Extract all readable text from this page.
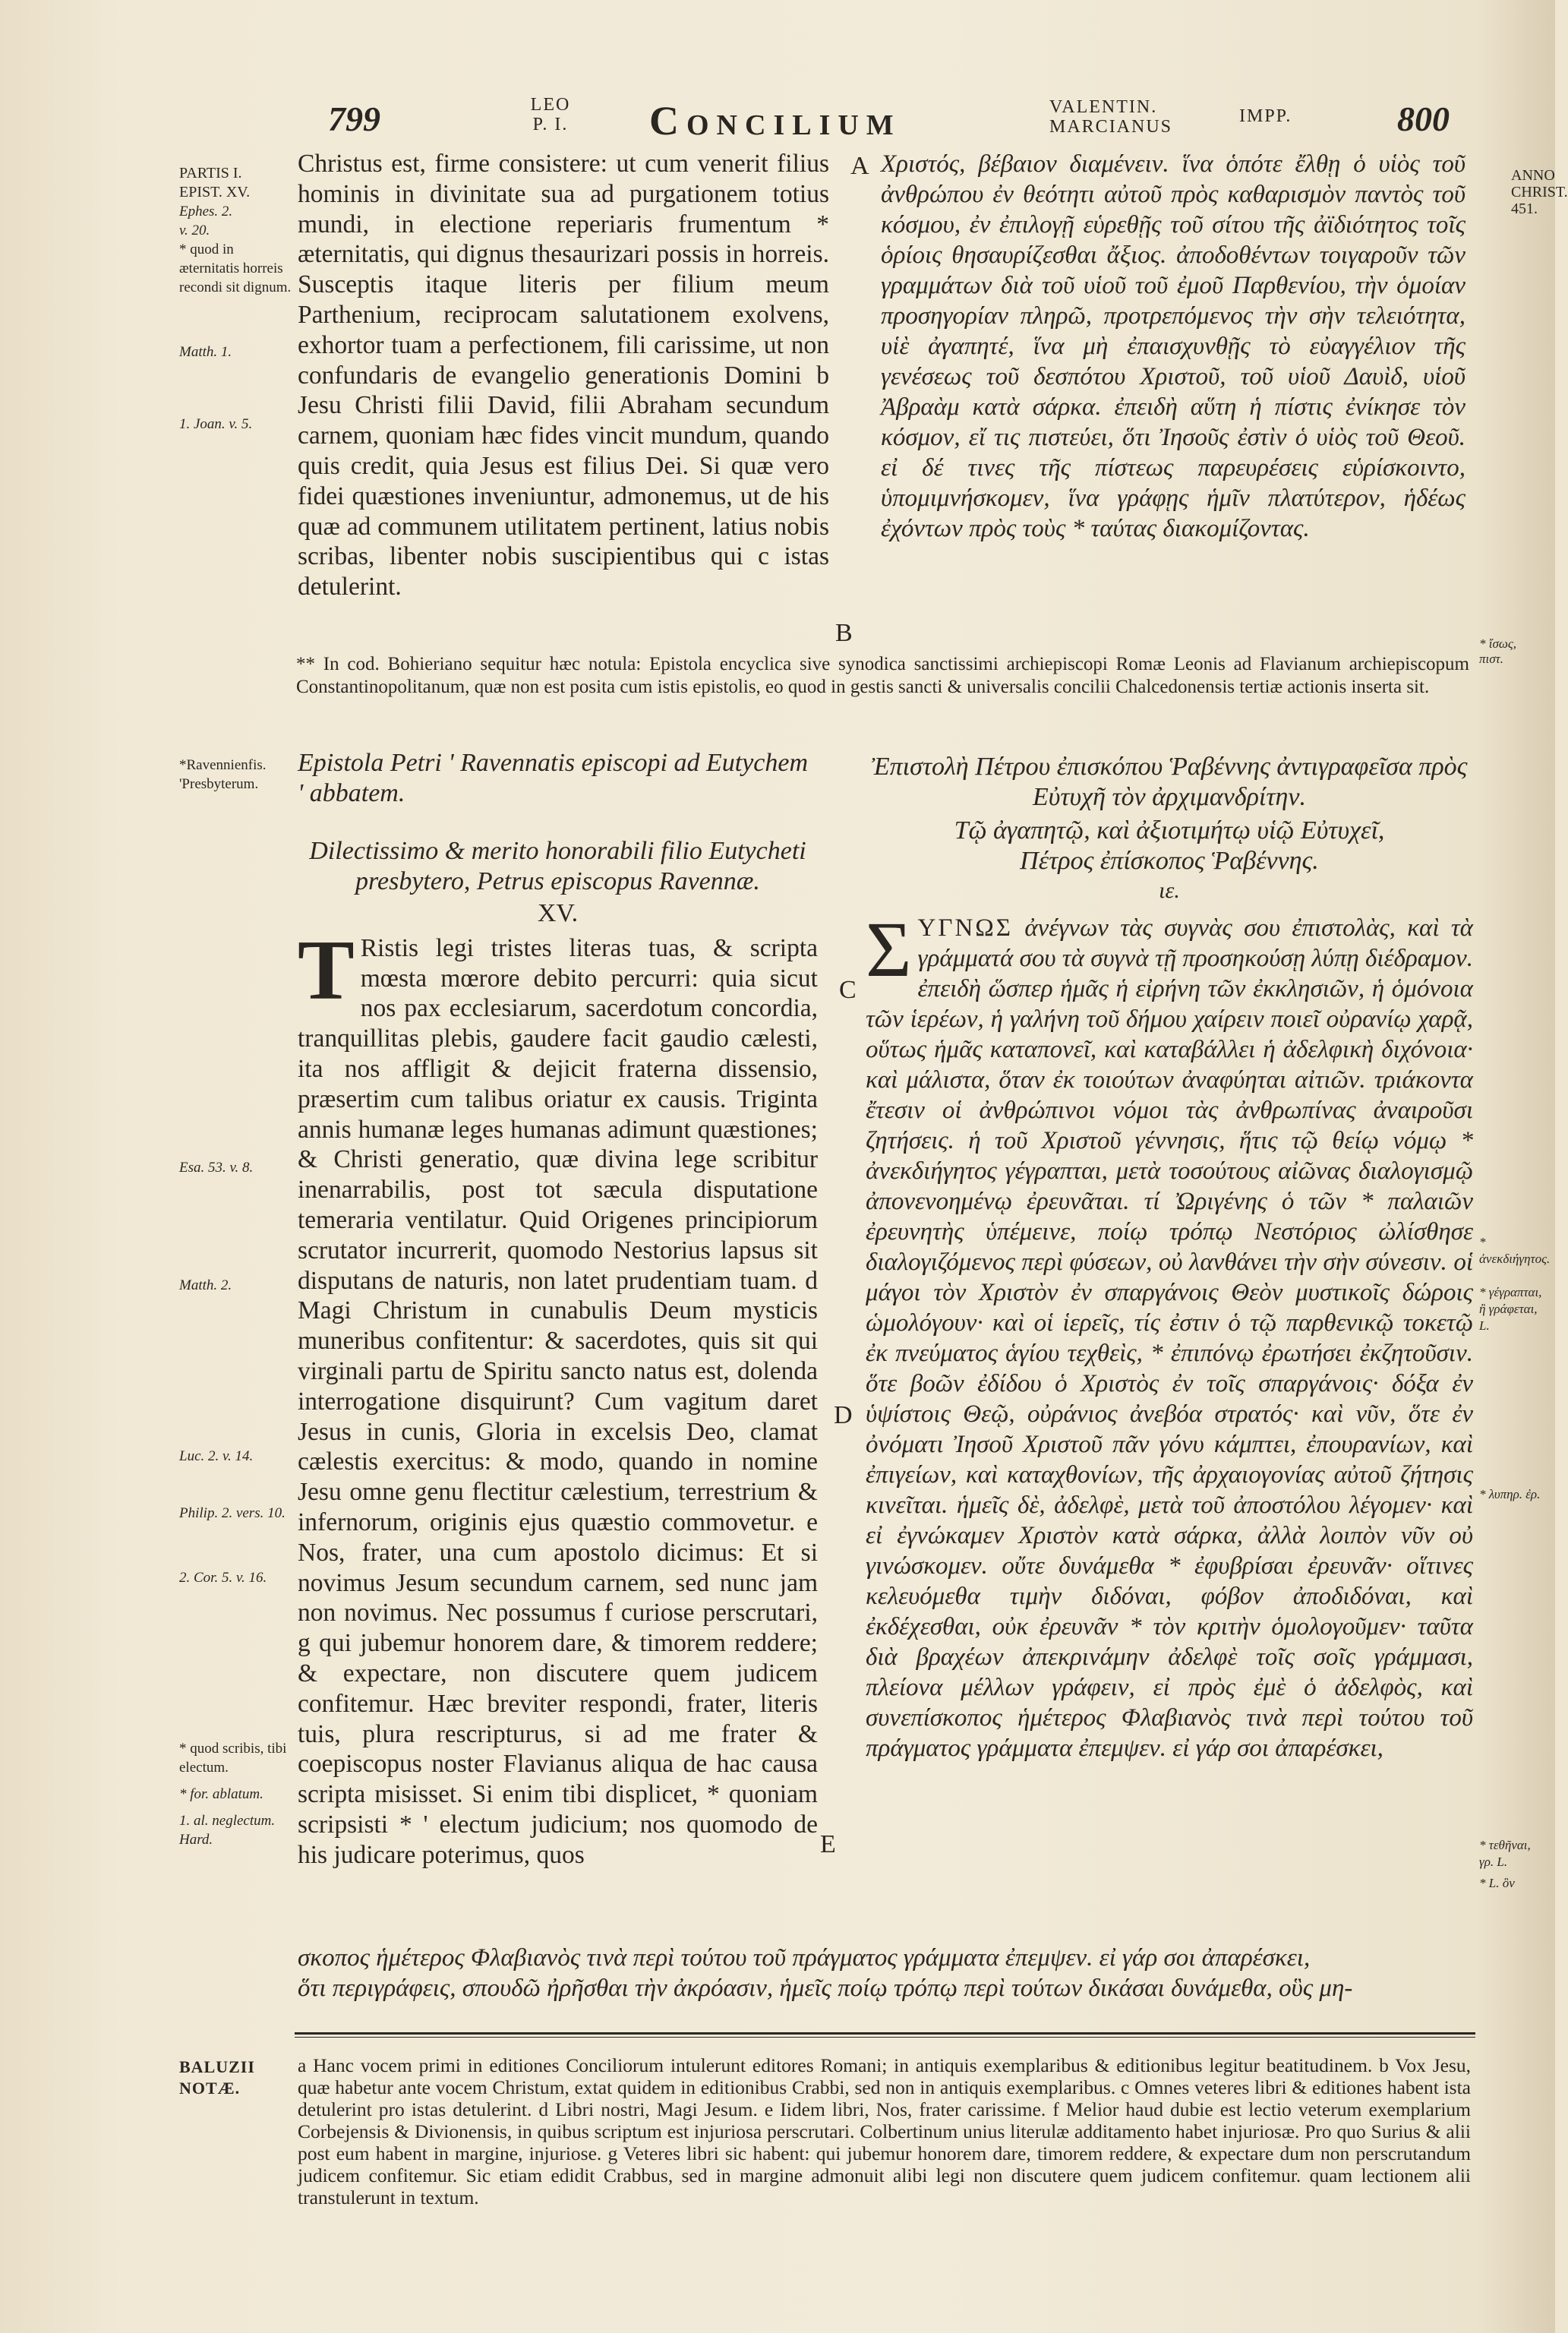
799	LEO
P. I.	Concilium	VALENTIN.
MARCIANUS
IMPP.	800
ANNO
CHRIST.
451.
PARTIS I.
EPIST. XV.
Ephes. 2.
v. 20.
* quod in æternitatis horreis recondi sit dignum.
Matth. 1.
1. Joan. v. 5.
A
B
C
D
E

Christus est, firme consistere: ut cum venerit filius hominis in divinitate sua ad purgationem totius mundi, in electione reperiaris frumentum * æternitatis, qui dignus thesaurizari possis in horreis. Susceptis itaque literis per filium meum Parthenium, reciprocam salutationem exolvens, exhortor tuam a perfectionem, fili carissime, ut non confundaris de evangelio generationis Domini b Jesu Christi filii David, filii Abraham secundum carnem, quoniam hæc fides vincit mundum, quando quis credit, quia Jesus est filius Dei. Si quæ vero fidei quæstiones inveniuntur, admonemus, ut de his quæ ad communem utilitatem pertinent, latius nobis scribas, libenter nobis suscipientibus qui c istas detulerint.

Χριστός, βέβαιον διαμένειν. ἵνα ὁπότε ἔλθῃ ὁ υἱὸς τοῦ ἀνθρώπου ἐν θεότητι αὐτοῦ πρὸς καθαρισμὸν παντὸς τοῦ κόσμου, ἐν ἐπιλογῇ εὑρεθῇς τοῦ σίτου τῆς ἀϊδιότητος τοῖς ὁρίοις θησαυρίζεσθαι ἄξιος. ἀποδοθέντων τοιγαροῦν τῶν γραμμάτων διὰ τοῦ υἱοῦ τοῦ ἐμοῦ Παρθενίου, τὴν ὁμοίαν προσηγορίαν πληρῶ, προτρεπόμενος τὴν σὴν τελειότητα, υἱὲ ἀγαπητέ, ἵνα μὴ ἐπαισχυνθῇς τὸ εὐαγγέλιον τῆς γενέσεως τοῦ δεσπότου Χριστοῦ, τοῦ υἱοῦ Δαυὶδ, υἱοῦ Ἀβραὰμ κατὰ σάρκα. ἐπειδὴ αὕτη ἡ πίστις ἐνίκησε τὸν κόσμον, εἴ τις πιστεύει, ὅτι Ἰησοῦς ἐστὶν ὁ υἱὸς τοῦ Θεοῦ. εἰ δέ τινες τῆς πίστεως παρευρέσεις εὑρίσκοιντο, ὑπομιμνήσκομεν, ἵνα γράφῃς ἡμῖν πλατύτερον, ἡδέως ἐχόντων πρὸς τοὺς * ταύτας διακομίζοντας.

* ἴσως, πιστ.
** In cod. Bohieriano sequitur hæc notula: Epistola encyclica sive synodica sanctissimi archiepiscopi Romæ Leonis ad Flavianum archiepiscopum Constantinopolitanum, quæ non est posita cum istis epistolis, eo quod in gestis sancti & universalis concilii Chalcedonensis tertiæ actionis inserta sit.
*Ravennienfis.
'Presbyterum.
Esa. 53. v. 8.
Matth. 2.
Luc. 2. v. 14.
Philip. 2. vers. 10.
2. Cor. 5. v. 16.
* quod scribis, tibi electum.
* for. ablatum.
1. al. neglectum. Hard.
Epistola Petri ' Ravennatis episcopi ad Eutychem ' abbatem.
Dilectissimo & merito honorabili filio Eutycheti presbytero, Petrus episcopus Ravennæ.
XV.

T Ristis legi tristes literas tuas, & scripta mœsta mœrore debito percurri: quia sicut nos pax ecclesiarum, sacerdotum concordia, tranquillitas plebis, gaudere facit gaudio cælesti, ita nos affligit & dejicit fraterna dissensio, præsertim cum talibus oriatur ex causis. Triginta annis humanæ leges humanas adimunt quæstiones; & Christi generatio, quæ divina lege scribitur inenarrabilis, post tot sæcula disputatione temeraria ventilatur. Quid Origenes principiorum scrutator incurrerit, quomodo Nestorius lapsus sit disputans de naturis, non latet prudentiam tuam. d Magi Christum in cunabulis Deum mysticis muneribus confitentur: & sacerdotes, quis sit qui virginali partu de Spiritu sancto natus est, dolenda interrogatione disquirunt? Cum vagitum daret Jesus in cunis, Gloria in excelsis Deo, clamat cælestis exercitus: & modo, quando in nomine Jesu omne genu flectitur cælestium, terrestrium & infernorum, originis ejus quæstio commovetur. e Nos, frater, una cum apostolo dicimus: Et si novimus Jesum secundum carnem, sed nunc jam non novimus. Nec possumus f curiose perscrutari, g qui jubemur honorem dare, & timorem reddere; & expectare, non discutere quem judicem confitemur. Hæc breviter respondi, frater, literis tuis, plura rescripturus, si ad me frater & coepiscopus noster Flavianus aliqua de hac causa scripta misisset. Si enim tibi displicet, * quoniam scripsisti * ' electum judicium; nos quomodo de his judicare poterimus, quos

Ἐπιστολὴ Πέτρου ἐπισκόπου Ῥαβέννης ἀντιγραφεῖσα πρὸς Εὐτυχῆ τὸν ἀρχιμανδρίτην.
Τῷ ἀγαπητῷ, καὶ ἀξιοτιμήτῳ υἱῷ Εὐτυχεῖ,
Πέτρος ἐπίσκοπος Ῥαβέννης.
ιε.

ΣΥΓΝΩΣ ἀνέγνων τὰς συγνὰς σου ἐπιστολὰς, καὶ τὰ γράμματά σου τὰ συγνὰ τῇ προσηκούσῃ λύπῃ διέδραμον. ἐπειδὴ ὥσπερ ἡμᾶς ἡ εἰρήνη τῶν ἐκκλησιῶν, ἡ ὁμόνοια τῶν ἱερέων, ἡ γαλήνη τοῦ δήμου χαίρειν ποιεῖ οὐρανίῳ χαρᾷ, οὕτως ἡμᾶς καταπονεῖ, καὶ καταβάλλει ἡ ἀδελφικὴ διχόνοια· καὶ μάλιστα, ὅταν ἐκ τοιούτων ἀναφύηται αἰτιῶν. τριάκοντα ἔτεσιν οἱ ἀνθρώπινοι νόμοι τὰς ἀνθρωπίνας ἀναιροῦσι ζητήσεις. ἡ τοῦ Χριστοῦ γέννησις, ἥτις τῷ θείῳ νόμῳ * ἀνεκδιήγητος γέγραπται, μετὰ τοσούτους αἰῶνας διαλογισμῷ ἀπονενοημένῳ ἐρευνᾶται. τί Ὠριγένης ὁ τῶν * παλαιῶν ἐρευνητὴς ὑπέμεινε, ποίῳ τρόπῳ Νεστόριος ὠλίσθησε διαλογιζόμενος περὶ φύσεων, οὐ λανθάνει τὴν σὴν σύνεσιν. οἱ μάγοι τὸν Χριστὸν ἐν σπαργάνοις Θεὸν μυστικοῖς δώροις ὡμολόγουν· καὶ οἱ ἱερεῖς, τίς ἐστιν ὁ τῷ παρθενικῷ τοκετῷ ἐκ πνεύματος ἁγίου τεχθεὶς, * ἐπιπόνῳ ἐρωτήσει ἐκζητοῦσιν. ὅτε βοῶν ἐδίδου ὁ Χριστὸς ἐν τοῖς σπαργάνοις· δόξα ἐν ὑψίστοις Θεῷ, οὐράνιος ἀνεβόα στρατός· καὶ νῦν, ὅτε ἐν ὀνόματι Ἰησοῦ Χριστοῦ πᾶν γόνυ κάμπτει, ἐπουρανίων, καὶ ἐπιγείων, καὶ καταχθονίων, τῆς ἀρχαιογονίας αὐτοῦ ζήτησις κινεῖται. ἡμεῖς δὲ, ἀδελφὲ, μετὰ τοῦ ἀποστόλου λέγομεν· καὶ εἰ ἐγνώκαμεν Χριστὸν κατὰ σάρκα, ἀλλὰ λοιπὸν νῦν οὐ γινώσκομεν. οὔτε δυνάμεθα * ἐφυβρίσαι ἐρευνᾶν· οἵτινες κελευόμεθα τιμὴν διδόναι, φόβον ἀποδιδόναι, καὶ ἐκδέχεσθαι, οὐκ ἐρευνᾶν * τὸν κριτὴν ὁμολογοῦμεν· ταῦτα διὰ βραχέων ἀπεκρινάμην ἀδελφὲ τοῖς σοῖς γράμμασι, πλείονα μέλλων γράφειν, εἰ πρὸς ἐμὲ ὁ ἀδελφὸς, καὶ συνεπίσκοπος ἡμέτερος Φλαβιανὸς τινὰ περὶ τούτου τοῦ πράγματος γράμματα ἐπεμψεν. εἰ γάρ σοι ἀπαρέσκει,

* ἀνεκδιήγητος.
* γέγραπται, ἢ γράφεται, L.
* λυπηρ. ἐρ.
* τεθῆναι, γρ. L.
* L. ὃν
σκοπος ἡμέτερος Φλαβιανὸς τινὰ περὶ τούτου τοῦ πράγματος γράμματα ἐπεμψεν. εἰ γάρ σοι ἀπαρέσκει,
ὅτι περιγράφεις, σπουδῶ ἠρῆσθαι τὴν ἀκρόασιν, ἡμεῖς ποίῳ τρόπῳ περὶ τούτων δικάσαι δυνάμεθα, οὓς μη-
BALUZII
NOTÆ.
a Hanc vocem primi in editiones Conciliorum intulerunt editores Romani; in antiquis exemplaribus & editionibus legitur beatitudinem. b Vox Jesu, quæ habetur ante vocem Christum, extat quidem in editionibus Crabbi, sed non in antiquis exemplaribus. c Omnes veteres libri & editiones habent ista detulerint pro istas detulerint. d Libri nostri, Magi Jesum. e Iidem libri, Nos, frater carissime. f Melior haud dubie est lectio veterum exemplarium Corbejensis & Divionensis, in quibus scriptum est injuriosa perscrutari. Colbertinum unius literulæ additamento habet injuriosæ. Pro quo Surius & alii post eum habent in margine, injuriose. g Veteres libri sic habent: qui jubemur honorem dare, timorem reddere, & expectare dum non perscrutandum judicem confitemur. Sic etiam edidit Crabbus, sed in margine admonuit alibi legi non discutere quem judicem confitemur. quam lectionem alii transtulerunt in textum.
